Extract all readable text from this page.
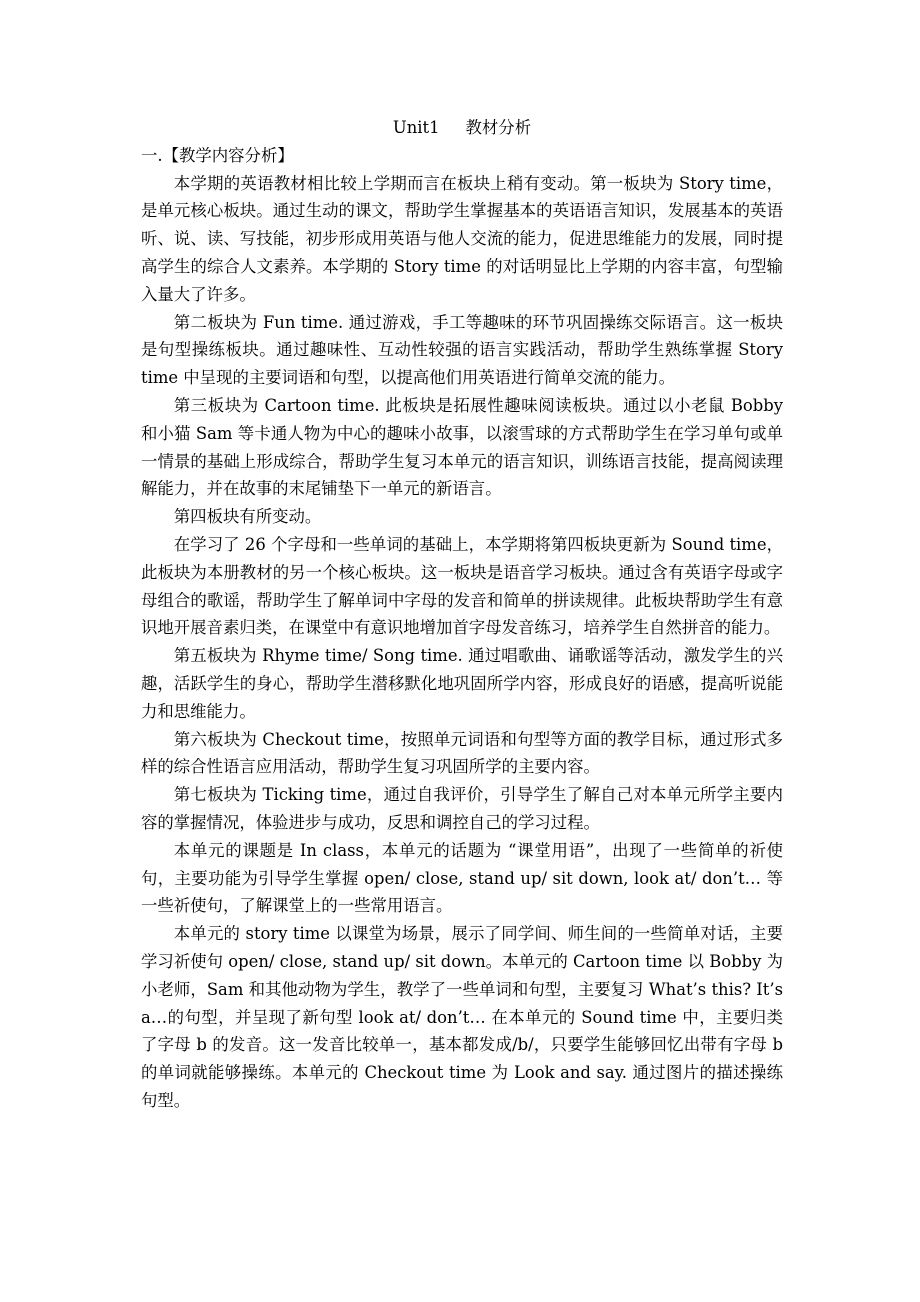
Unit1 教材分析
一.【教学内容分析】

本学期的英语教材相比较上学期而言在板块上稍有变动。第一板块为 Story time，是单元核心板块。通过生动的课文，帮助学生掌握基本的英语语言知识，发展基本的英语听、说、读、写技能，初步形成用英语与他人交流的能力，促进思维能力的发展，同时提高学生的综合人文素养。本学期的 Story time 的对话明显比上学期的内容丰富，句型输入量大了许多。

第二板块为 Fun time. 通过游戏，手工等趣味的环节巩固操练交际语言。这一板块是句型操练板块。通过趣味性、互动性较强的语言实践活动，帮助学生熟练掌握 Story time 中呈现的主要词语和句型，以提高他们用英语进行简单交流的能力。

第三板块为 Cartoon time. 此板块是拓展性趣味阅读板块。通过以小老鼠 Bobby 和小猫 Sam 等卡通人物为中心的趣味小故事，以滚雪球的方式帮助学生在学习单句或单一情景的基础上形成综合，帮助学生复习本单元的语言知识，训练语言技能，提高阅读理解能力，并在故事的末尾铺垫下一单元的新语言。

第四板块有所变动。

在学习了 26 个字母和一些单词的基础上，本学期将第四板块更新为 Sound time，此板块为本册教材的另一个核心板块。这一板块是语音学习板块。通过含有英语字母或字母组合的歌谣，帮助学生了解单词中字母的发音和简单的拼读规律。此板块帮助学生有意识地开展音素归类，在课堂中有意识地增加首字母发音练习，培养学生自然拼音的能力。

第五板块为 Rhyme time/ Song time. 通过唱歌曲、诵歌谣等活动，激发学生的兴趣，活跃学生的身心，帮助学生潜移默化地巩固所学内容，形成良好的语感，提高听说能力和思维能力。

第六板块为 Checkout time，按照单元词语和句型等方面的教学目标，通过形式多样的综合性语言应用活动，帮助学生复习巩固所学的主要内容。

第七板块为 Ticking time，通过自我评价，引导学生了解自己对本单元所学主要内容的掌握情况，体验进步与成功，反思和调控自己的学习过程。

本单元的课题是 In class，本单元的话题为 “课堂用语”，出现了一些简单的祈使句，主要功能为引导学生掌握 open/ close, stand up/ sit down, look at/ don’t… 等一些祈使句，了解课堂上的一些常用语言。

本单元的 story time 以课堂为场景，展示了同学间、师生间的一些简单对话，主要学习祈使句 open/ close, stand up/ sit down。本单元的 Cartoon time 以 Bobby 为小老师，Sam 和其他动物为学生，教学了一些单词和句型，主要复习 What’s this? It’s a…的句型，并呈现了新句型 look at/ don’t… 在本单元的 Sound time 中，主要归类了字母 b 的发音。这一发音比较单一，基本都发成/b/，只要学生能够回忆出带有字母 b 的单词就能够操练。本单元的 Checkout time 为 Look and say. 通过图片的描述操练句型。
